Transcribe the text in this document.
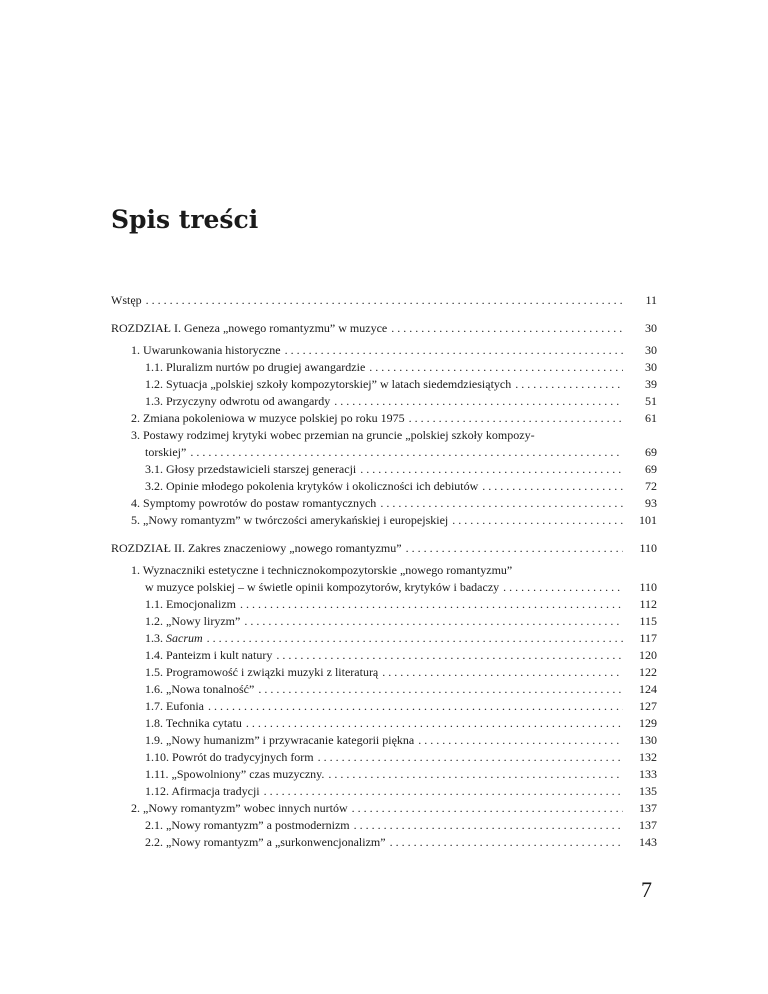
Spis treści
Wstęp . . .	11
ROZDZIAŁ I. Geneza „nowego romantyzmu” w muzyce . . .	30
1. Uwarunkowania historyczne . . .	30
1.1. Pluralizm nurtów po drugiej awangardzie . . .	30
1.2. Sytuacja „polskiej szkoły kompozytorskiej” w latach siedemdziesiątych . . .	39
1.3. Przyczyny odwrotu od awangardy . . .	51
2. Zmiana pokoleniowa w muzyce polskiej po roku 1975 . . .	61
3. Postawy rodzimej krytyki wobec przemian na gruncie „polskiej szkoły kompozy-
torskiej” . . .	69
3.1. Głosy przedstawicieli starszej generacji . . .	69
3.2. Opinie młodego pokolenia krytyków i okoliczności ich debiutów . . .	72
4. Symptomy powrotów do postaw romantycznych . . .	93
5. „Nowy romantyzm” w twórczości amerykańskiej i europejskiej . . .	101
ROZDZIAŁ II. Zakres znaczeniowy „nowego romantyzmu” . . .	110
1. Wyznaczniki estetyczne i technicznokompozytorskie „nowego romantyzmu”
w muzyce polskiej – w świetle opinii kompozytorów, krytyków i badaczy . . .	110
1.1. Emocjonalizm . . .	112
1.2. „Nowy liryzm” . . .	115
1.3. Sacrum . . .	117
1.4. Panteizm i kult natury . . .	120
1.5. Programowość i związki muzyki z literaturą . . .	122
1.6. „Nowa tonalność” . . .	124
1.7. Eufonia . . .	127
1.8. Technika cytatu . . .	129
1.9. „Nowy humanizm” i przywracanie kategorii piękna . . .	130
1.10. Powrót do tradycyjnych form . . .	132
1.11. „Spowolniony” czas muzyczny. . . .	133
1.12. Afirmacja tradycji . . .	135
2. „Nowy romantyzm” wobec innych nurtów . . .	137
2.1. „Nowy romantyzm” a postmodernizm . . .	137
2.2. „Nowy romantyzm” a „surkonwencjonalizm” . . .	143
7
